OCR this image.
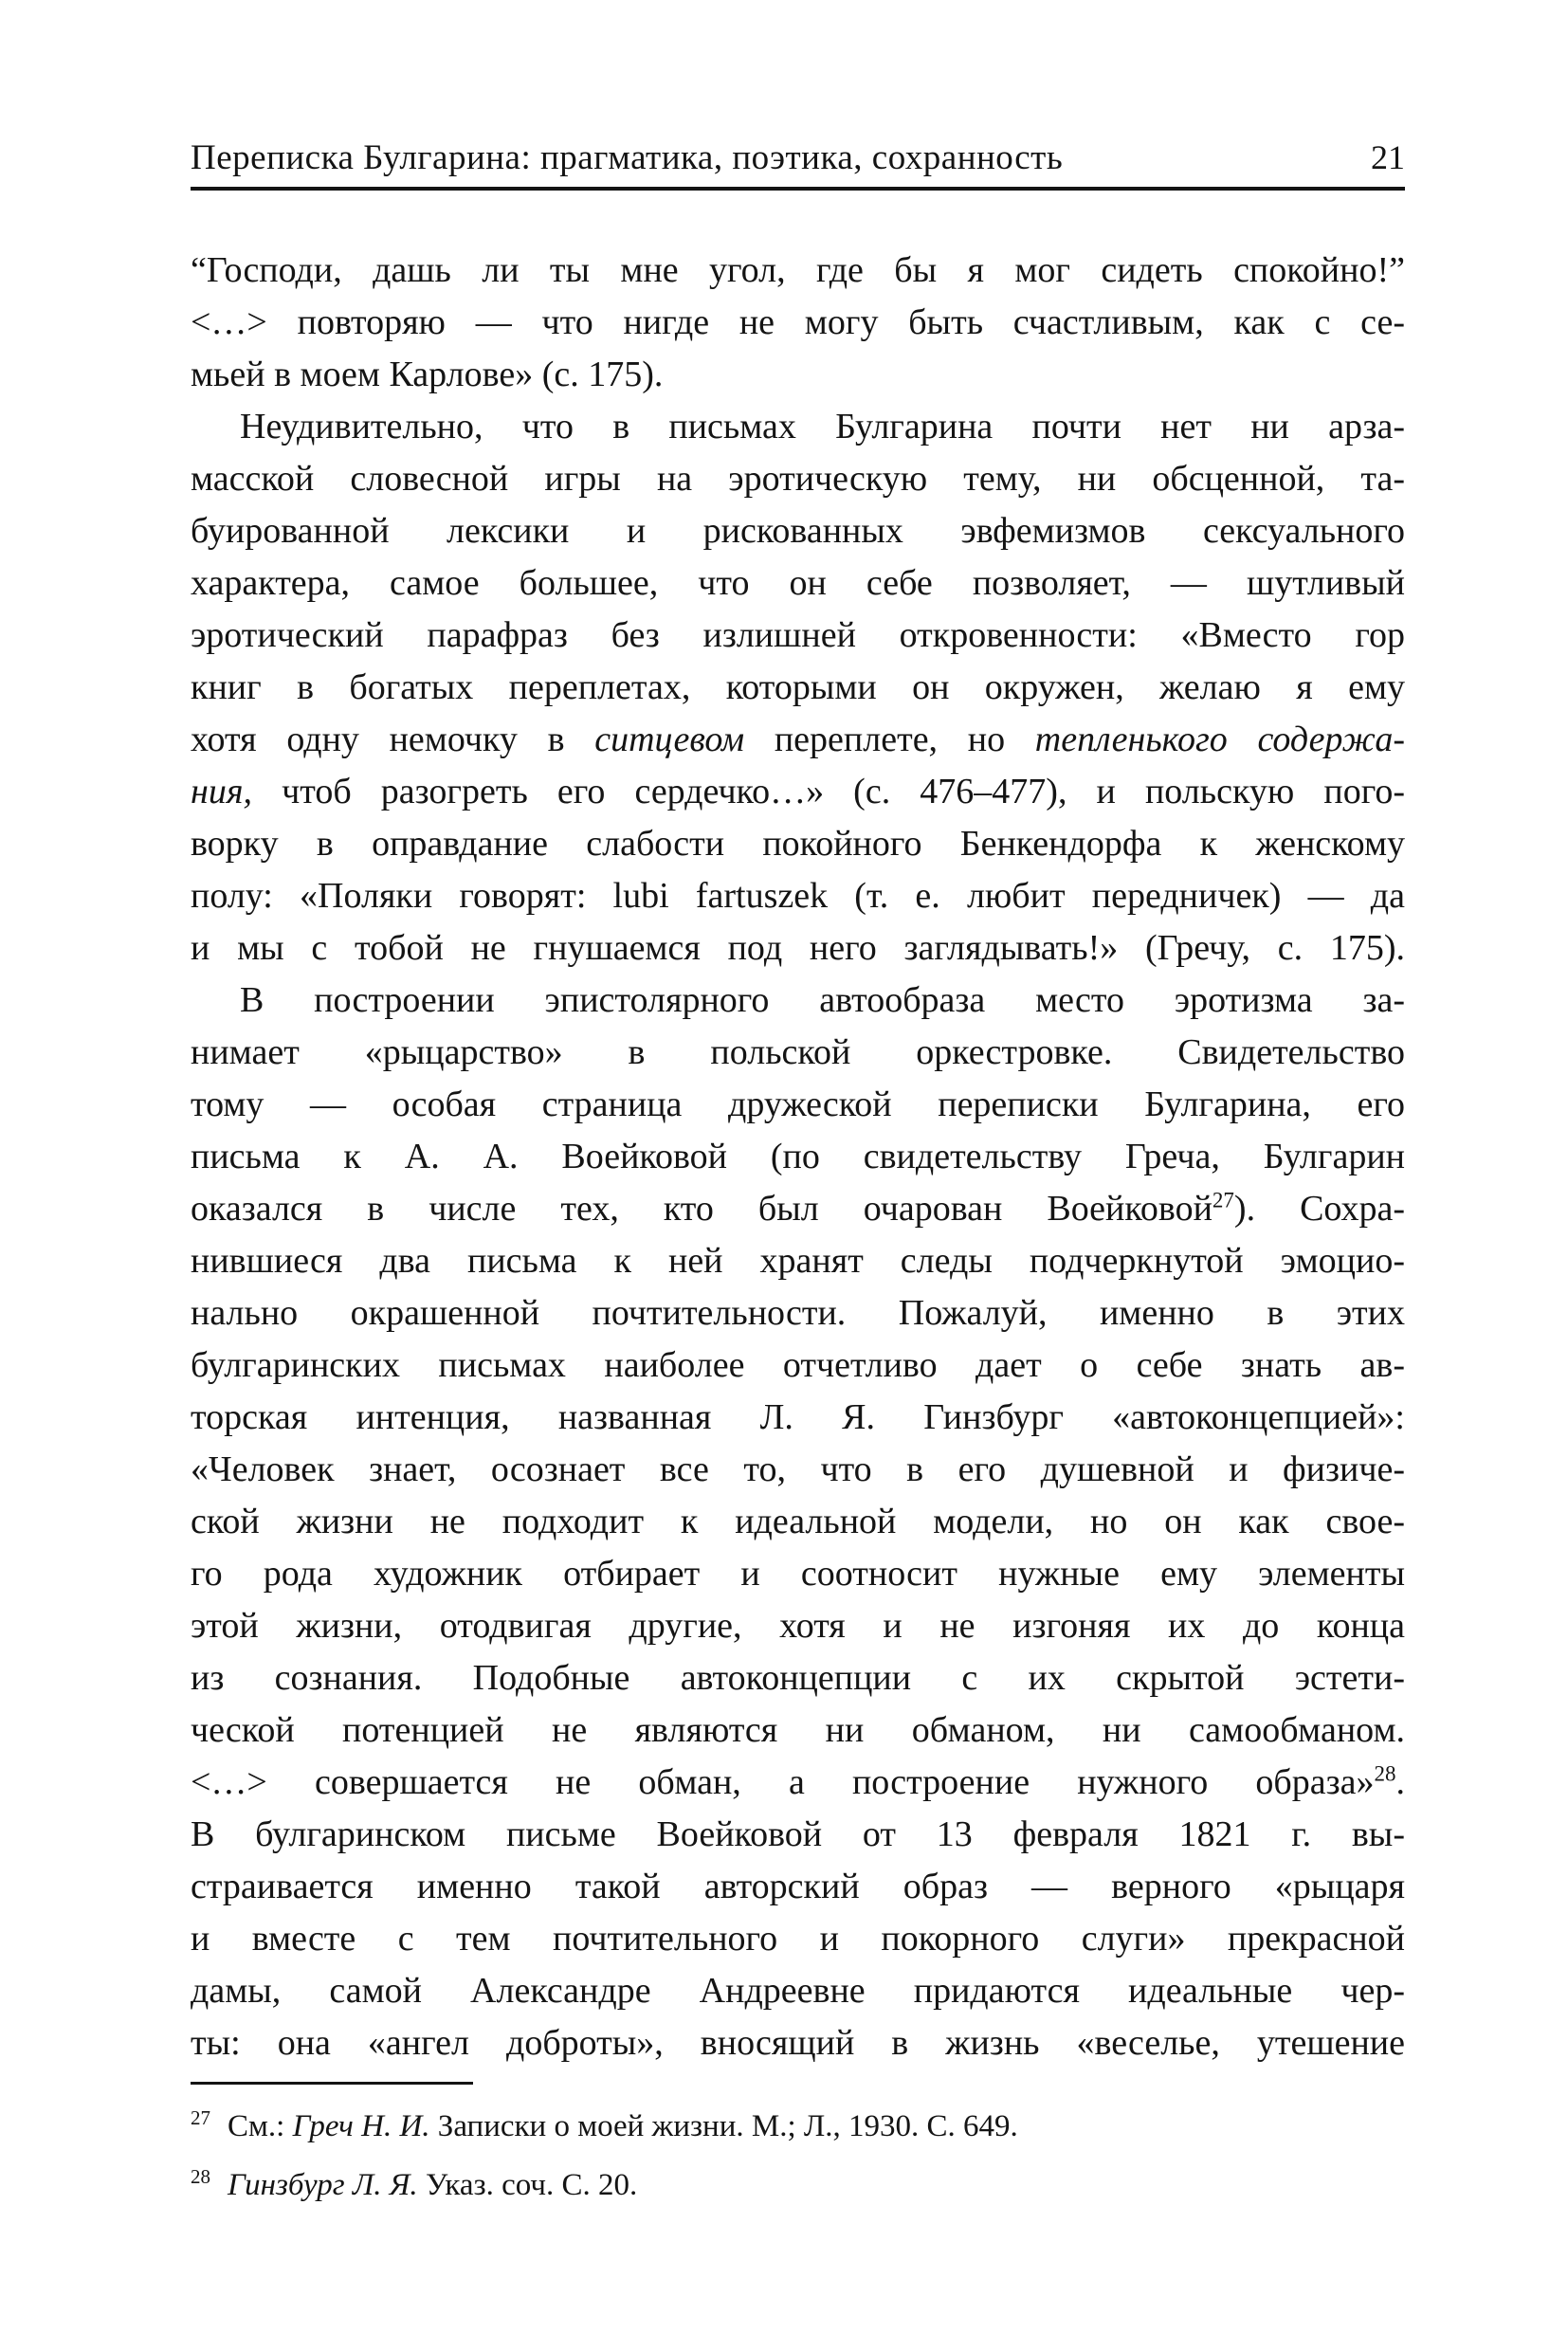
Переписка Булгарина: прагматика, поэтика, сохранность	21
“Господи, дашь ли ты мне угол, где бы я мог сидеть спокойно!”
<…> повторяю — что нигде не могу быть счастливым, как с се-
мьей в моем Карлове» (с. 175).
Неудивительно, что в письмах Булгарина почти нет ни арза-
масской словесной игры на эротическую тему, ни обсценной, та-
буированной лексики и рискованных эвфемизмов сексуального
характера, самое большее, что он себе позволяет, — шутливый
эротический парафраз без излишней откровенности: «Вместо гор
книг в богатых переплетах, которыми он окружен, желаю я ему
хотя одну немочку в ситцевом переплете, но тепленького содержа-
ния, чтоб разогреть его сердечко…» (с. 476–477), и польскую пого-
ворку в оправдание слабости покойного Бенкендорфа к женскому
полу: «Поляки говорят: lubi fartuszek (т. е. любит передничек) — да
и мы с тобой не гнушаемся под него заглядывать!» (Гречу, с. 175).
В построении эпистолярного автообраза место эротизма за-
нимает «рыцарство» в польской оркестровке. Свидетельство
тому — особая страница дружеской переписки Булгарина, его
письма к А. А. Воейковой (по свидетельству Греча, Булгарин
оказался в числе тех, кто был очарован Воейковой$^{27}$). Сохра-
нившиеся два письма к ней хранят следы подчеркнутой эмоцио-
нально окрашенной почтительности. Пожалуй, именно в этих
булгаринских письмах наиболее отчетливо дает о себе знать ав-
торская интенция, названная Л. Я. Гинзбург «автоконцепцией»:
«Человек знает, осознает все то, что в его душевной и физиче-
ской жизни не подходит к идеальной модели, но он как свое-
го рода художник отбирает и соотносит нужные ему элементы
этой жизни, отодвигая другие, хотя и не изгоняя их до конца
из сознания. Подобные автоконцепции с их скрытой эстети-
ческой потенцией не являются ни обманом, ни самообманом.
<…> совершается не обман, а построение нужного образа»$^{28}$.
В булгаринском письме Воейковой от 13 февраля 1821 г. вы-
страивается именно такой авторский образ — верного «рыцаря
и вместе с тем почтительного и покорного слуги» прекрасной
дамы, самой Александре Андреевне придаются идеальные чер-
ты: она «ангел доброты», вносящий в жизнь «веселье, утешение
$^{27}$ См.: Греч Н. И. Записки о моей жизни. М.; Л., 1930. С. 649.
$^{28}$ Гинзбург Л. Я. Указ. соч. С. 20.
